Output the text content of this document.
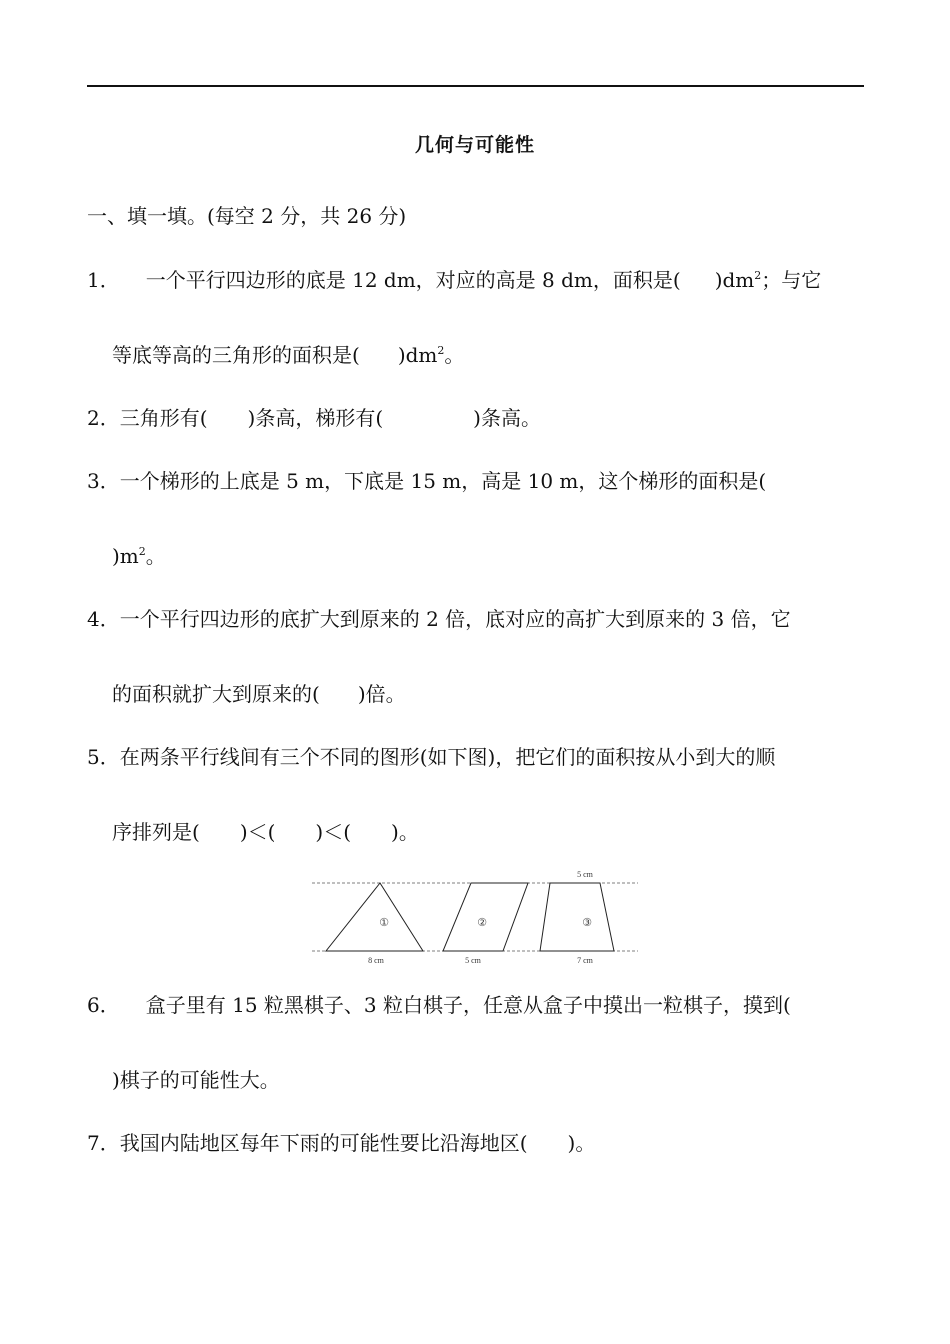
几何与可能性
一、填一填。(每空 2 分，共 26 分)
1． 一个平行四边形的底是 12 dm，对应的高是 8 dm，面积是( )$dm^2$；与它
等底等高的三角形的面积是( )$dm^2$。
2．三角形有( )条高，梯形有(	)条高。
3．一个梯形的上底是 5 m，下底是 15 m，高是 10 m，这个梯形的面积是(
)$m^2$。
4．一个平行四边形的底扩大到原来的 2 倍，底对应的高扩大到原来的 3 倍，它
的面积就扩大到原来的( )倍。
5．在两条平行线间有三个不同的图形(如下图)，把它们的面积按从小到大的顺
序排列是( )＜( )＜( )。
①	②	③
8 cm	5 cm
5 cm
7 cm
6． 盒子里有 15 粒黑棋子、3 粒白棋子，任意从盒子中摸出一粒棋子，摸到(
)棋子的可能性大。
7．我国内陆地区每年下雨的可能性要比沿海地区( )。
